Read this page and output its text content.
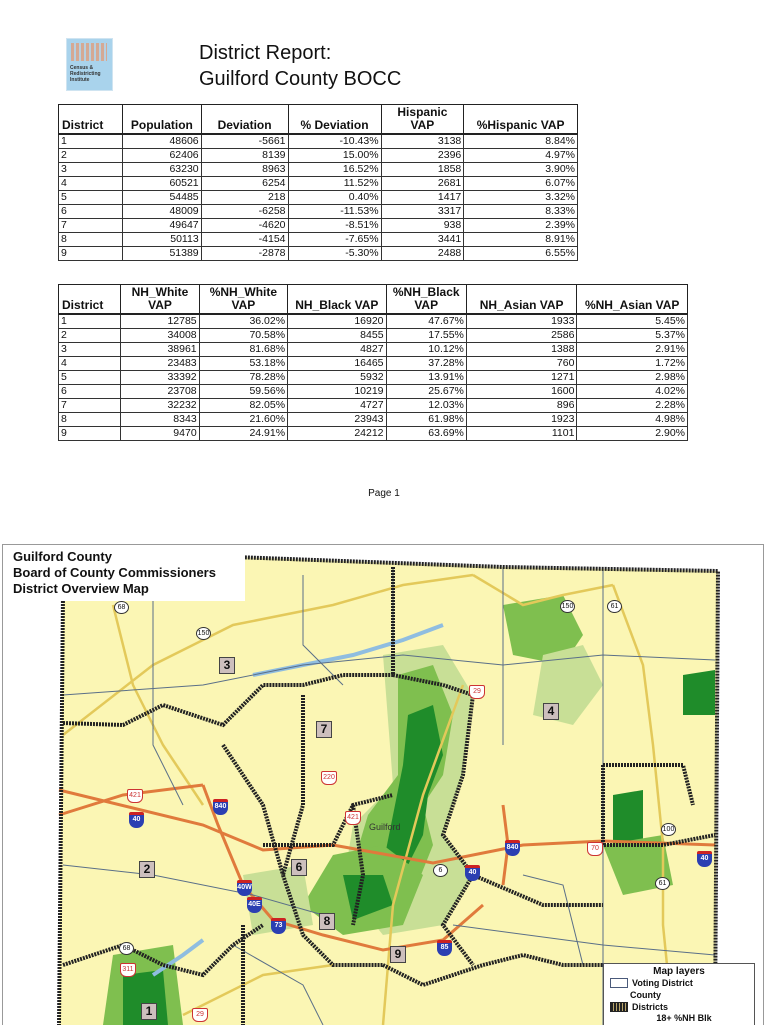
Census & Redistricting Institute
District Report:
Guilford County BOCC
District	Population	Deviation	% Deviation	Hispanic VAP	%Hispanic VAP
1	48606	-5661	-10.43%	3138	8.84%
2	62406	8139	15.00%	2396	4.97%
3	63230	8963	16.52%	1858	3.90%
4	60521	6254	11.52%	2681	6.07%
5	54485	218	0.40%	1417	3.32%
6	48009	-6258	-11.53%	3317	8.33%
7	49647	-4620	-8.51%	938	2.39%
8	50113	-4154	-7.65%	3441	8.91%
9	51389	-2878	-5.30%	2488	6.55%
District	NH_White VAP	%NH_White VAP	NH_Black VAP	%NH_Black VAP	NH_Asian VAP	%NH_Asian VAP
1	12785	36.02%	16920	47.67%	1933	5.45%
2	34008	70.58%	8455	17.55%	2586	5.37%
3	38961	81.68%	4827	10.12%	1388	2.91%
4	23483	53.18%	16465	37.28%	760	1.72%
5	33392	78.28%	5932	13.91%	1271	2.98%
6	23708	59.56%	10219	25.67%	1600	4.02%
7	32232	82.05%	4727	12.03%	896	2.28%
8	8343	21.60%	23943	61.98%	1923	4.98%
9	9470	24.91%	24212	63.69%	1101	2.90%
Page 1
Guilford County
Board of County Commissioners
District Overview Map
1
2
3
4
6
7
8
9
68
150
150	61
29
220
421
421
840
40
840
6	40
70
100
40
61
40W
40E
73
85
68
311
29
Guilford
Map layers
Voting District
County
Districts
18+ %NH Blk
